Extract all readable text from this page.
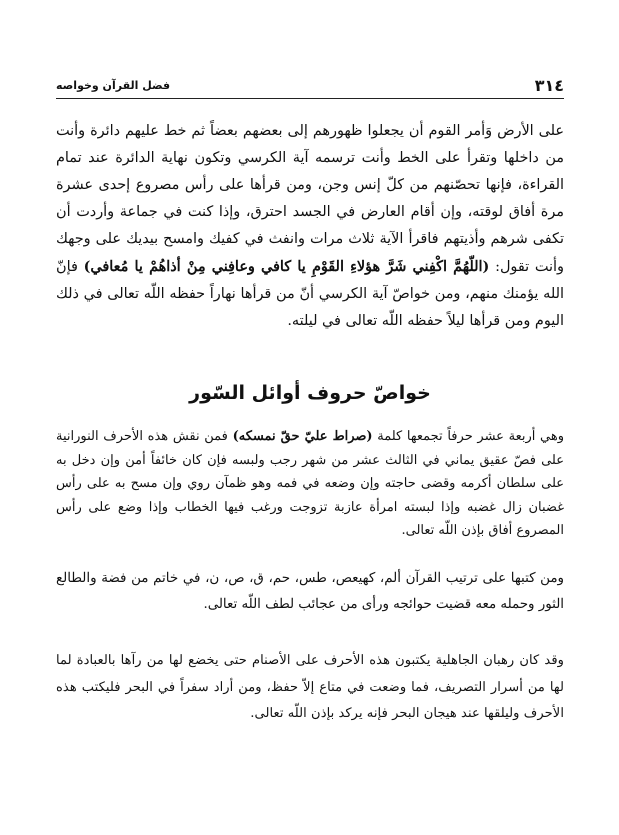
٣١٤
فضل القرآن وخواصه

على الأرض وَأمر القوم أن يجعلوا ظهورهم إلى بعضهم بعضاً ثم خط عليهم دائرة وأنت من داخلها وتقرأ على الخط وأنت ترسمه آية الكرسي وتكون نهاية الدائرة عند تمام القراءة، فإنها تحصّنهم من كلّ إنس وجن، ومن قرأها على رأس مصروع إحدى عشرة مرة أفاق لوقته، وإن أقام العارض في الجسد احترق، وإذا كنت في جماعة وأردت أن تكفى شرهم وأذيتهم فاقرأ الآية ثلاث مرات وانفث في كفيك وامسح بيديك على وجهك وأنت تقول: (اللّهُمَّ اكْفِني شَرَّ هؤلاءِ القَوْمِ يا كافي وعافِني مِنْ أذاهُمْ يا مُعافي) فإنّ الله يؤمنك منهم، ومن خواصّ آية الكرسي أنّ من قرأها نهاراً حفظه اللّه تعالى في ذلك اليوم ومن قرأها ليلاً حفظه اللّه تعالى في ليلته.

خواصّ حروف أوائل السّور

وهي أربعة عشر حرفاً تجمعها كلمة (صراط عليّ حقّ نمسكه) فمن نقش هذه الأحرف النورانية على فصّ عقيق يماني في الثالث عشر من شهر رجب ولبسه فإن كان خائفاً أمن وإن دخل به على سلطان أكرمه وقضى حاجته وإن وضعه في فمه وهو ظمآن روي وإن مسح به على رأس غضبان زال غضبه وإذا لبسته امرأة عازبة تزوجت ورغب فيها الخطاب وإذا وضع على رأس المصروع أفاق بإذن اللّه تعالى.

ومن كتبها على ترتيب القرآن ألم، كهيعص، طس، حم، ق، ص، ن، في خاتم من فضة والطالع الثور وحمله معه قضيت حوائجه ورأى من عجائب لطف اللّه تعالى.

وقد كان رهبان الجاهلية يكتبون هذه الأحرف على الأصنام حتى يخضع لها من رآها بالعبادة لما لها من أسرار التصريف، فما وضعت في متاع إلاّ حفظ، ومن أراد سفراً في البحر فليكتب هذه الأحرف وليلقها عند هيجان البحر فإنه يركد بإذن اللّه تعالى.
